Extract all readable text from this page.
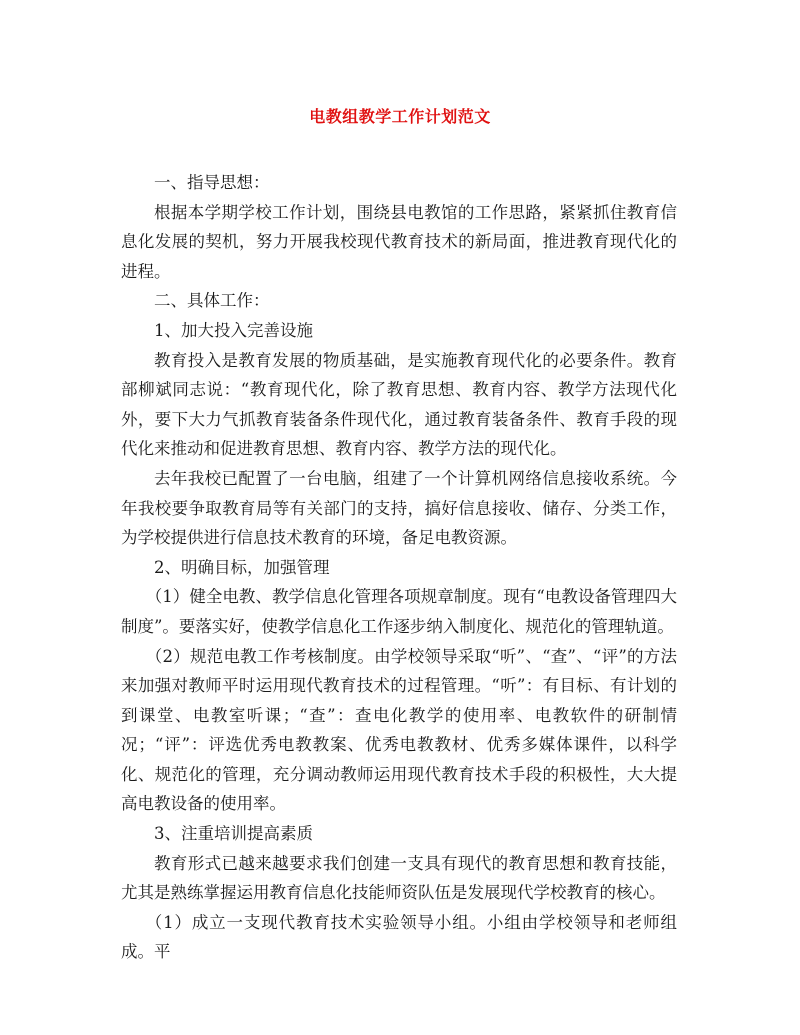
电教组教学工作计划范文

一、指导思想：

根据本学期学校工作计划，围绕县电教馆的工作思路，紧紧抓住教育信息化发展的契机，努力开展我校现代教育技术的新局面，推进教育现代化的进程。

二、具体工作：

1、加大投入完善设施

教育投入是教育发展的物质基础，是实施教育现代化的必要条件。教育部柳斌同志说：“教育现代化，除了教育思想、教育内容、教学方法现代化外，要下大力气抓教育装备条件现代化，通过教育装备条件、教育手段的现代化来推动和促进教育思想、教育内容、教学方法的现代化。

去年我校已配置了一台电脑，组建了一个计算机网络信息接收系统。今年我校要争取教育局等有关部门的支持，搞好信息接收、储存、分类工作，为学校提供进行信息技术教育的环境，备足电教资源。

2、明确目标，加强管理

（1）健全电教、教学信息化管理各项规章制度。现有“电教设备管理四大制度”。要落实好，使教学信息化工作逐步纳入制度化、规范化的管理轨道。

（2）规范电教工作考核制度。由学校领导采取“听”、“查”、“评”的方法来加强对教师平时运用现代教育技术的过程管理。“听”：有目标、有计划的到课堂、电教室听课；“查”：查电化教学的使用率、电教软件的研制情况；“评”：评选优秀电教教案、优秀电教教材、优秀多媒体课件，以科学化、规范化的管理，充分调动教师运用现代教育技术手段的积极性，大大提高电教设备的使用率。

3、注重培训提高素质

教育形式已越来越要求我们创建一支具有现代的教育思想和教育技能，尤其是熟练掌握运用教育信息化技能师资队伍是发展现代学校教育的核心。

（1）成立一支现代教育技术实验领导小组。小组由学校领导和老师组成。平
